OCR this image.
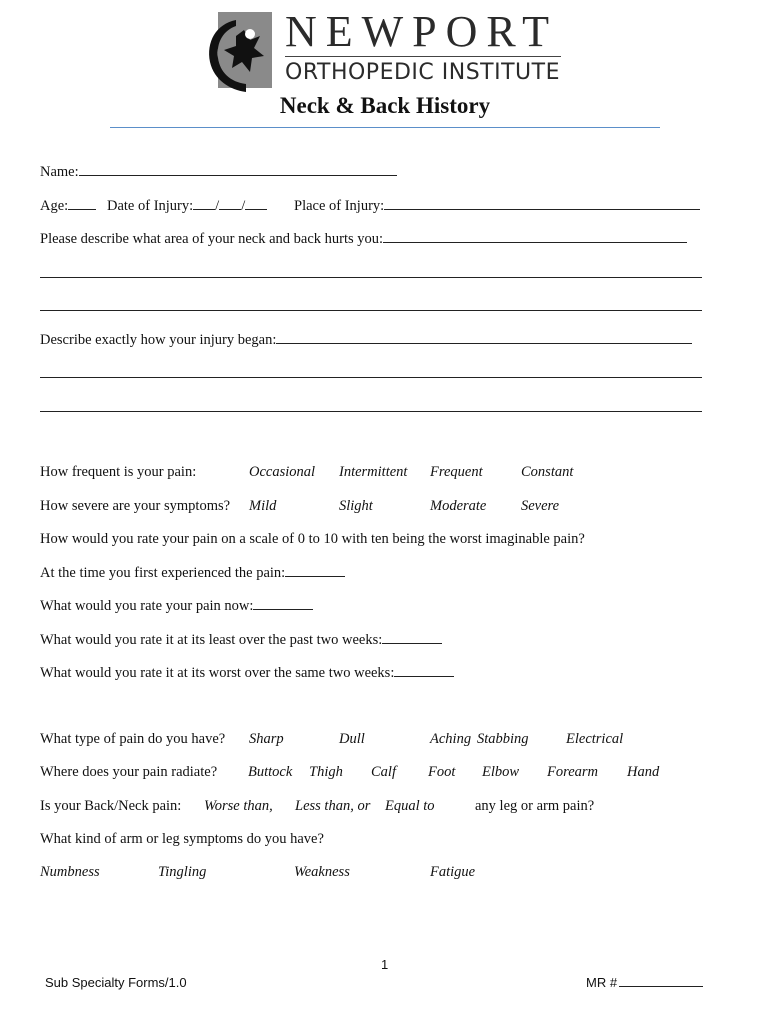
NEWPORT
ORTHOPEDIC INSTITUTE
Neck & Back History
Name:
Age:	Date of Injury: / /	Place of Injury:
Please describe what area of your neck and back hurts you:
Describe exactly how your injury began:
How frequent is your pain:	Occasional Intermittent Frequent	Constant
How severe are your symptoms? Mild	Slight	Moderate Severe
How would you rate your pain on a scale of 0 to 10 with ten being the worst imaginable pain?
At the time you first experienced the pain:
What would you rate your pain now:
What would you rate it at its least over the past two weeks:
What would you rate it at its worst over the same two weeks:
What type of pain do you have? Sharp	Dull	Aching Stabbing	Electrical
Where does your pain radiate? Buttock Thigh Calf Foot Elbow Forearm Hand
Is your Back/Neck pain: Worse than, Less than, or Equal to	any leg or arm pain?
What kind of arm or leg symptoms do you have?
Numbness	Tingling	Weakness	Fatigue
1
Sub Specialty Forms/1.0	MR #
